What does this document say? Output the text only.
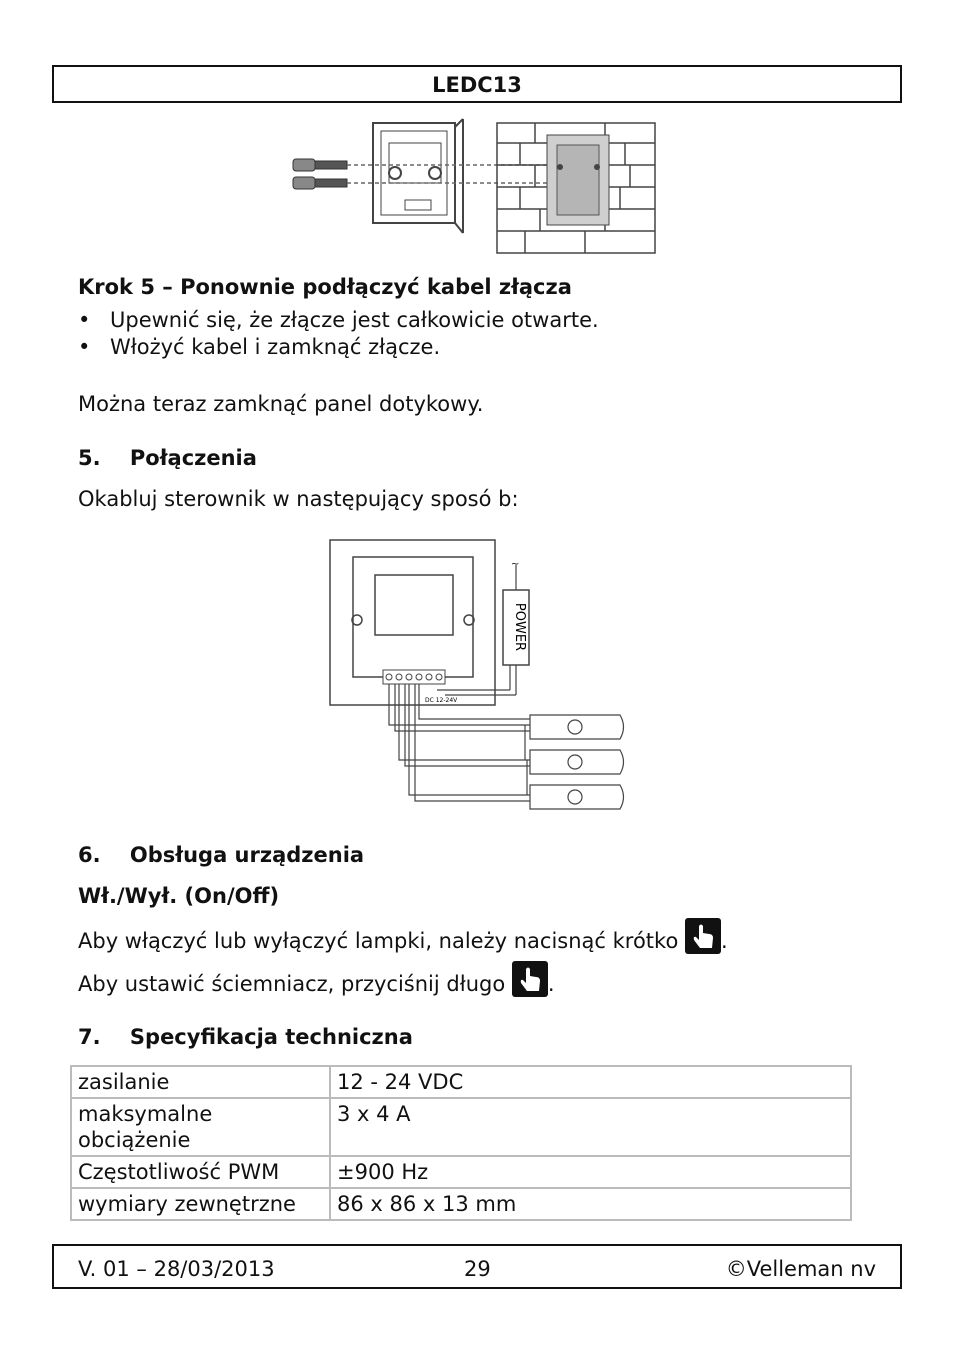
LEDC13
Krok 5 – Ponownie podłączyć kabel złącza
• Upewnić się, że złącze jest całkowicie otwarte.
• Włożyć kabel i zamknąć złącze.
Można teraz zamknąć panel dotykowy.
5. Połączenia
Okabluj sterownik w następujący sposó b:
POWER
~
DC 12-24V
6. Obsługa urządzenia
Wł./Wył. (On/Off)
Aby włączyć lub wyłączyć lampki, należy nacisnąć krótko .
Aby ustawić ściemniacz, przyciśnij długo .
7. Specyfikacja techniczna
zasilanie	12 - 24 VDC
maksymalne obciążenie	3 x 4 A
Częstotliwość PWM	±900 Hz
wymiary zewnętrzne	86 x 86 x 13 mm
V. 01 – 28/03/2013	29	©Velleman nv
